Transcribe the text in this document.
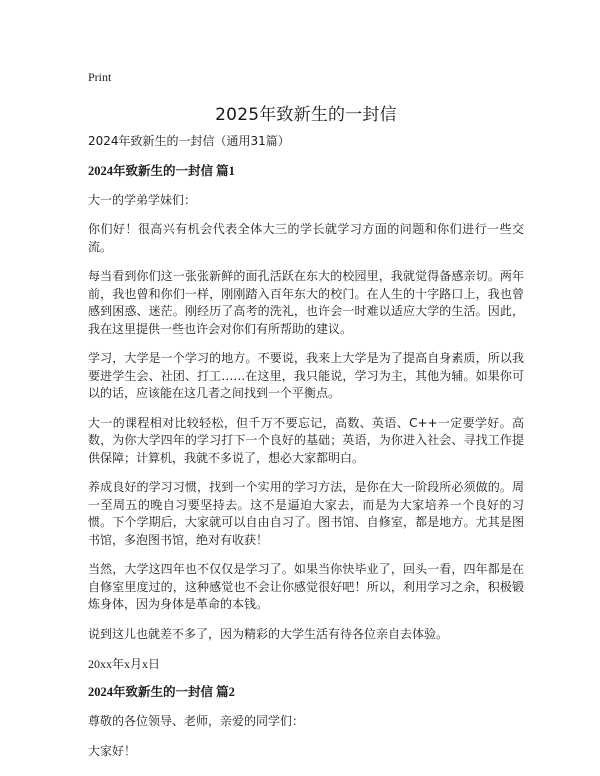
Print
2025年致新生的一封信

2024年致新生的一封信（通用31篇）

2024年致新生的一封信 篇1

大一的学弟学妹们：

你们好！很高兴有机会代表全体大三的学长就学习方面的问题和你们进行一些交流。

每当看到你们这一张张新鲜的面孔活跃在东大的校园里，我就觉得备感亲切。两年前，我也曾和你们一样，刚刚踏入百年东大的校门。在人生的十字路口上，我也曾感到困惑、迷茫。刚经历了高考的洗礼，也许会一时难以适应大学的生活。因此，我在这里提供一些也许会对你们有所帮助的建议。

学习，大学是一个学习的地方。不要说，我来上大学是为了提高自身素质，所以我要进学生会、社团、打工……在这里，我只能说，学习为主，其他为辅。如果你可以的话，应该能在这几者之间找到一个平衡点。

大一的课程相对比较轻松，但千万不要忘记，高数、英语、C++一定要学好。高数，为你大学四年的学习打下一个良好的基础；英语，为你进入社会、寻找工作提供保障；计算机，我就不多说了，想必大家都明白。

养成良好的学习习惯，找到一个实用的学习方法，是你在大一阶段所必须做的。周一至周五的晚自习要坚持去。这不是逼迫大家去，而是为大家培养一个良好的习惯。下个学期后，大家就可以自由自习了。图书馆、自修室，都是地方。尤其是图书馆，多泡图书馆，绝对有收获！

当然，大学这四年也不仅仅是学习了。如果当你快毕业了，回头一看，四年都是在自修室里度过的，这种感觉也不会让你感觉很好吧！所以，利用学习之余，积极锻炼身体，因为身体是革命的本钱。

说到这儿也就差不多了，因为精彩的大学生活有待各位亲自去体验。

20xx年x月x日

2024年致新生的一封信 篇2

尊敬的各位领导、老师，亲爱的同学们：

大家好！
